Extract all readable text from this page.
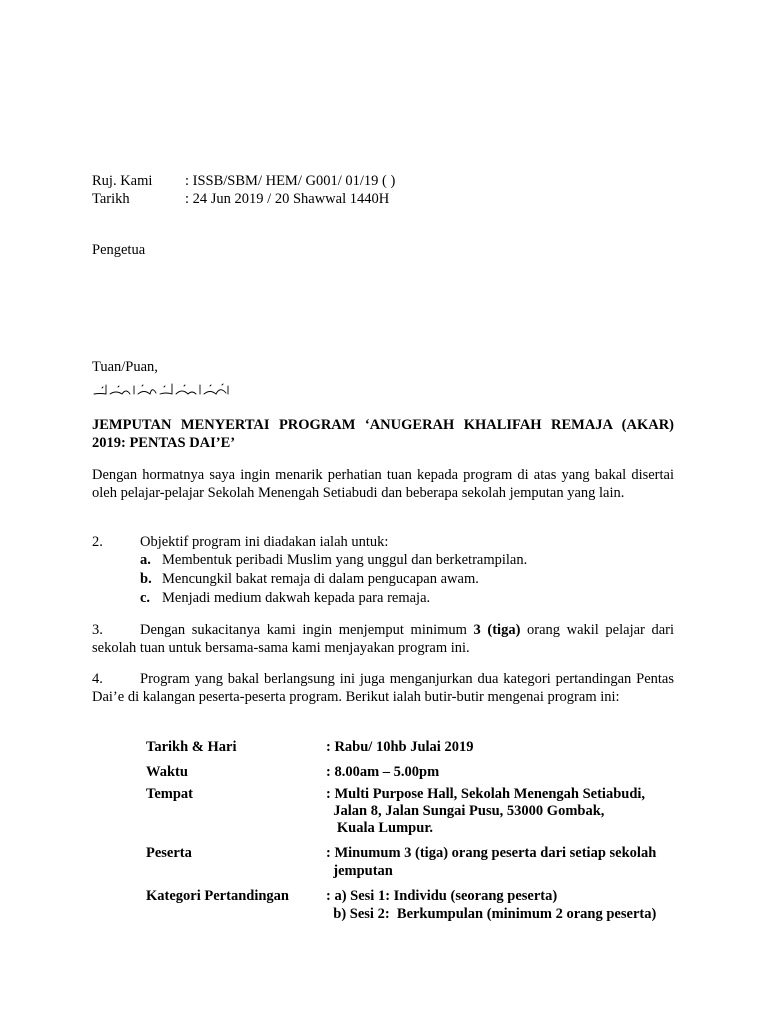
Ruj. Kami : ISSB/SBM/ HEM/ G001/ 01/19 ( )
Tarikh	: 24 Jun 2019 / 20 Shawwal 1440H
Pengetua
Tuan/Puan,
JEMPUTAN MENYERTAI PROGRAM ‘ANUGERAH KHALIFAH REMAJA (AKAR) 2019: PENTAS DAI’E’
Dengan hormatnya saya ingin menarik perhatian tuan kepada program di atas yang bakal disertai oleh pelajar-pelajar Sekolah Menengah Setiabudi dan beberapa sekolah jemputan yang lain.
2.	Objektif program ini diadakan ialah untuk:
a. Membentuk peribadi Muslim yang unggul dan berketrampilan.
b. Mencungkil bakat remaja di dalam pengucapan awam.
c. Menjadi medium dakwah kepada para remaja.
3.	Dengan sukacitanya kami ingin menjemput minimum 3 (tiga) orang wakil pelajar dari sekolah tuan untuk bersama-sama kami menjayakan program ini.
4.	Program yang bakal berlangsung ini juga menganjurkan dua kategori pertandingan Pentas Dai’e di kalangan peserta-peserta program. Berikut ialah butir-butir mengenai program ini:
Tarikh & Hari	: Rabu/ 10hb Julai 2019
Waktu	: 8.00am – 5.00pm
Tempat	: Multi Purpose Hall, Sekolah Menengah Setiabudi,
Jalan 8, Jalan Sungai Pusu, 53000 Gombak,
Kuala Lumpur.
Peserta	: Minumum 3 (tiga) orang peserta dari setiap sekolah
jemputan
Kategori Pertandingan	: a) Sesi 1: Individu (seorang peserta)
b) Sesi 2:  Berkumpulan (minimum 2 orang peserta)
